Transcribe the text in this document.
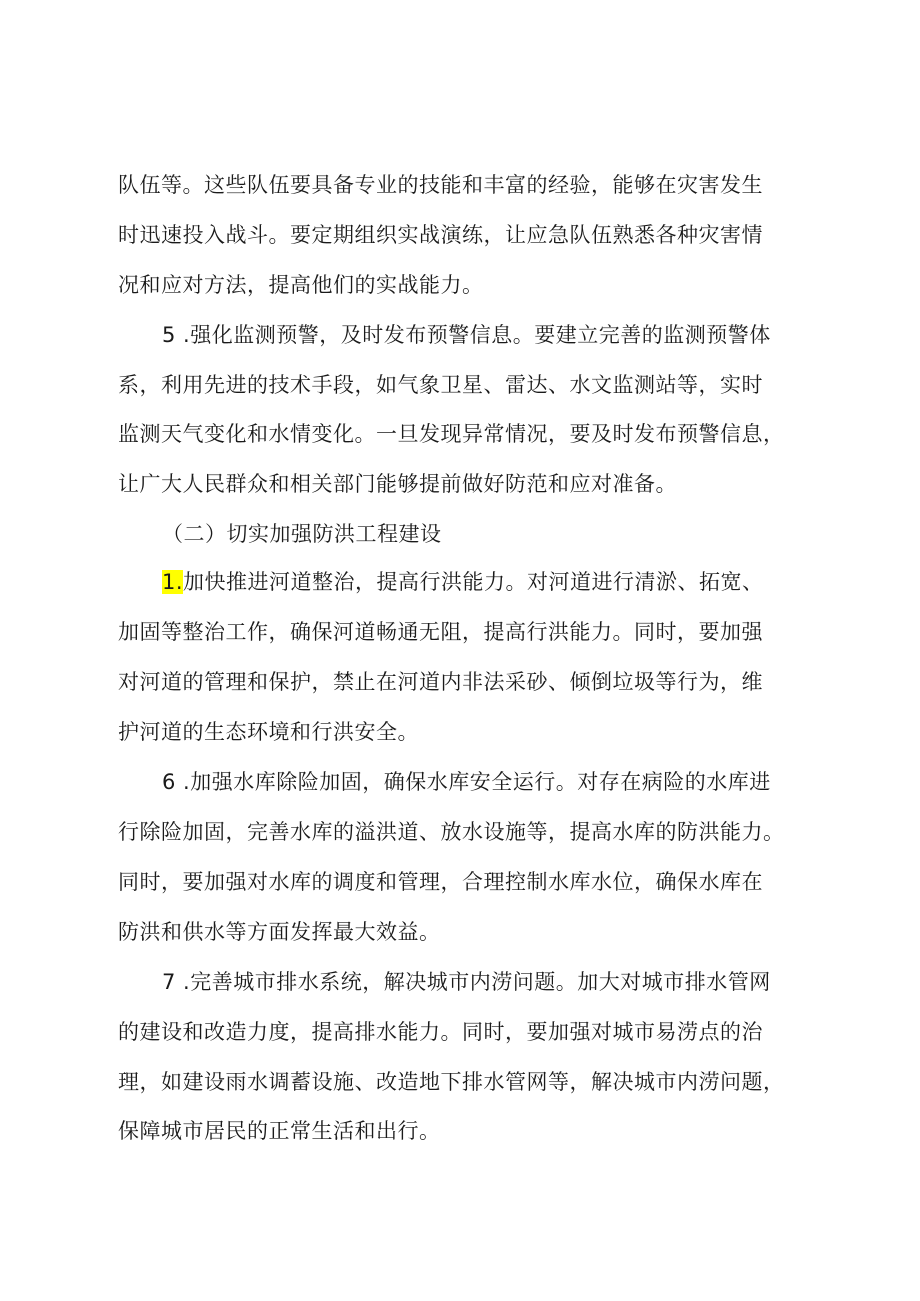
队伍等。这些队伍要具备专业的技能和丰富的经验，能够在灾害发生
时迅速投入战斗。要定期组织实战演练，让应急队伍熟悉各种灾害情
况和应对方法，提高他们的实战能力。
5 .强化监测预警，及时发布预警信息。要建立完善的监测预警体
系，利用先进的技术手段，如气象卫星、雷达、水文监测站等，实时
监测天气变化和水情变化。一旦发现异常情况，要及时发布预警信息，
让广大人民群众和相关部门能够提前做好防范和应对准备。
（二）切实加强防洪工程建设
1.加快推进河道整治，提高行洪能力。对河道进行清淤、拓宽、
加固等整治工作，确保河道畅通无阻，提高行洪能力。同时，要加强
对河道的管理和保护，禁止在河道内非法采砂、倾倒垃圾等行为，维
护河道的生态环境和行洪安全。
6 .加强水库除险加固，确保水库安全运行。对存在病险的水库进
行除险加固，完善水库的溢洪道、放水设施等，提高水库的防洪能力。
同时，要加强对水库的调度和管理，合理控制水库水位，确保水库在
防洪和供水等方面发挥最大效益。
7 .完善城市排水系统，解决城市内涝问题。加大对城市排水管网
的建设和改造力度，提高排水能力。同时，要加强对城市易涝点的治
理，如建设雨水调蓄设施、改造地下排水管网等，解决城市内涝问题，
保障城市居民的正常生活和出行。
